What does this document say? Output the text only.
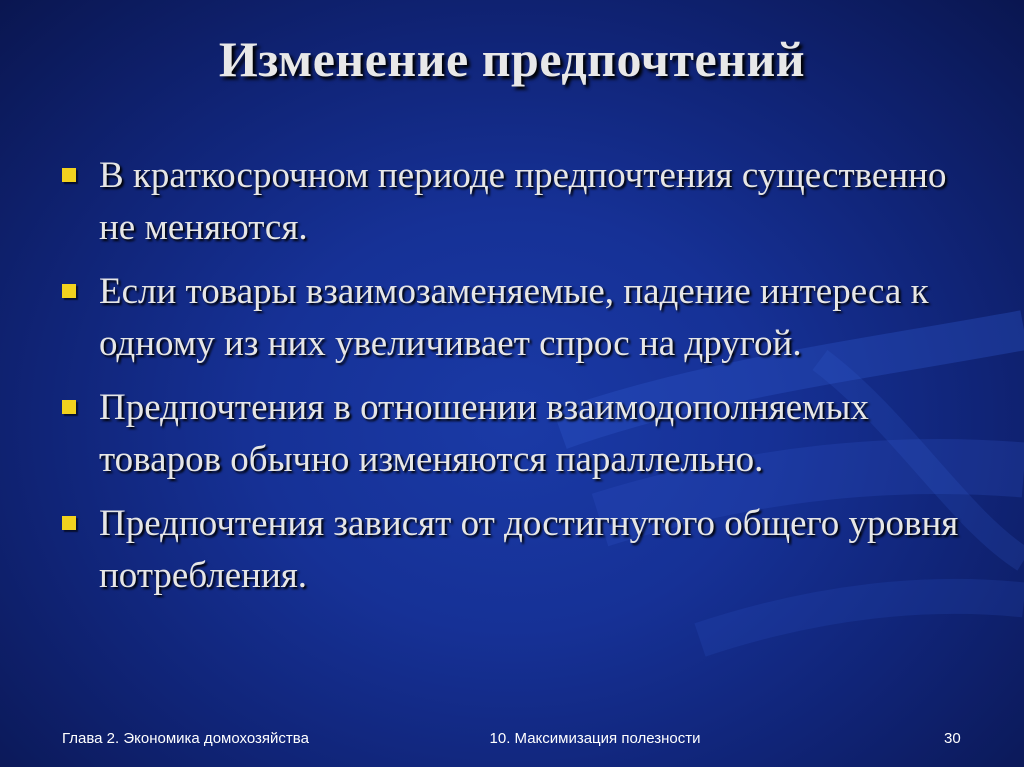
Изменение предпочтений
В краткосрочном периоде предпочтения существенно не меняются.
Если товары взаимозаменяемые, падение интереса к одному из них увеличивает спрос на другой.
Предпочтения в отношении взаимодополняемых товаров обычно изменяются параллельно.
Предпочтения зависят от достигнутого общего уровня потребления.
Глава 2. Экономика домохозяйства	10. Максимизация полезности	30
